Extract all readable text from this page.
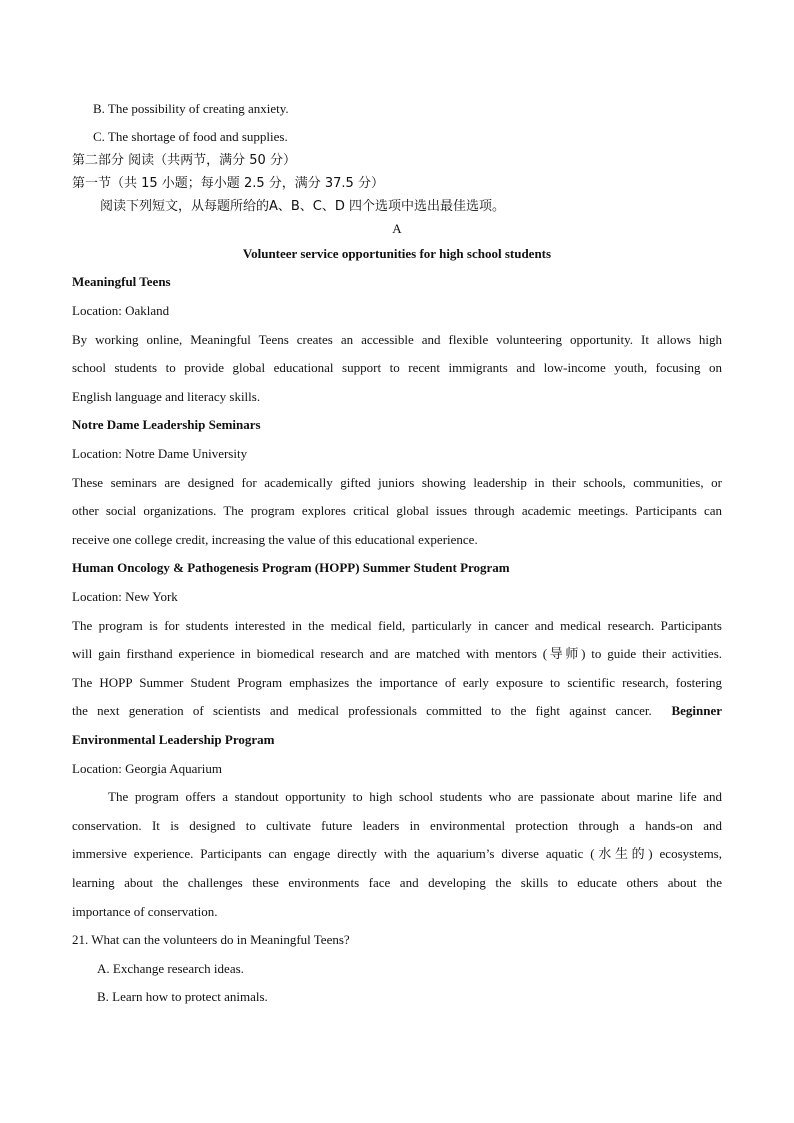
B. The possibility of creating anxiety.
C. The shortage of food and supplies.
第二部分 阅读（共两节，满分 50 分）
第一节（共 15 小题；每小题 2.5 分，满分 37.5 分）
阅读下列短文，从每题所给的A、B、C、D 四个选项中选出最佳选项。
A
Volunteer service opportunities for high school students
Meaningful Teens
Location: Oakland
By working online, Meaningful Teens creates an accessible and flexible volunteering opportunity. It allows high
school students to provide global educational support to recent immigrants and low-income youth, focusing on
English language and literacy skills.
Notre Dame Leadership Seminars
Location: Notre Dame University
These seminars are designed for academically gifted juniors showing leadership in their schools, communities, or
other social organizations. The program explores critical global issues through academic meetings. Participants can
receive one college credit, increasing the value of this educational experience.
Human Oncology & Pathogenesis Program (HOPP) Summer Student Program
Location: New York
The program is for students interested in the medical field, particularly in cancer and medical research. Participants
will gain firsthand experience in biomedical research and are matched with mentors (导师) to guide their activities.
The HOPP Summer Student Program emphasizes the importance of early exposure to scientific research, fostering
the next generation of scientists and medical professionals committed to the fight against cancer. Beginner
Environmental Leadership Program
Location: Georgia Aquarium
The program offers a standout opportunity to high school students who are passionate about marine life and
conservation. It is designed to cultivate future leaders in environmental protection through a hands-on and
immersive experience. Participants can engage directly with the aquarium’s diverse aquatic (水生的) ecosystems,
learning about the challenges these environments face and developing the skills to educate others about the
importance of conservation.
21. What can the volunteers do in Meaningful Teens?
A. Exchange research ideas.
B. Learn how to protect animals.
